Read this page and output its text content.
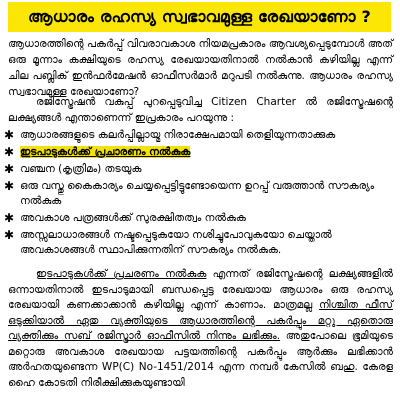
ആധാരം രഹസ്യ സ്വഭാവമുള്ള രേഖയാണോ ?

ആധാരത്തിന്റെ പകർപ്പ് വിവരാവകാശ നിയമപ്രകാരം ആവശ്യപ്പെടുമ്പോൾ അത് ഒരു മൂന്നാം കക്ഷിയുടെ രഹസ്യ രേഖയായതിനാൽ നൽകാൻ കഴിയില്ല എന്ന് ചില പബ്ലിക് ഇൻഫർമേഷൻ ഓഫീസർമാർ മറുപടി നൽകുന്നു. ആധാരം രഹസ്യ സ്വഭാവമുള്ള രേഖയാണോ?

രജിസ്ട്രേഷൻ വകുപ്പ് പുറപ്പെടുവിച്ച Citizen Charter ൽ രജിസ്ട്രേഷന്റെ ലക്ഷ്യങ്ങൾ എന്താണെന്ന് ഇപ്രകാരം പറയുന്നു :

✱ ആധാരങ്ങളുടെ കലർപ്പില്ലായ്മ നിരാക്ഷേപമായി തെളിയുന്നതാക്കുക
✱ ഇടപാടുകൾക്ക് പ്രചാരണം നൽകുക
✱ വഞ്ചന (കൃത്രിമം) തടയുക
✱ ഒരു വസ്തു കൈകാര്യം ചെയ്യപ്പെട്ടിട്ടുണ്ടോയെന്ന ഉറപ്പ് വരുത്താൻ സൗകര്യം നൽകുക
✱ അവകാശ പത്രങ്ങൾക്ക് സുരക്ഷിതത്വം നൽകുക
✱ അസ്സലാധാരങ്ങൾ നഷ്ടപ്പെടുകയോ നശിച്ചുപോവുകയോ ചെയ്താൽ അവകാശങ്ങൾ സ്ഥാപിക്കുന്നതിന് സൗകര്യം നൽകുക.

ഇടപാടുകൾക്ക് പ്രചരണം നൽകുക എന്നത് രജിസ്ട്രേഷന്റെ ലക്ഷ്യങ്ങളിൽ ഒന്നായതിനാൽ ഇടപാടുമായി ബന്ധപ്പെട്ട രേഖയായ ആധാരം ഒരു രഹസ്യ രേഖയായി കണക്കാക്കാൻ കഴിയില്ല എന്ന് കാണാം. മാത്രമല്ല നിശ്ചിത ഫീസ് ഒടുക്കിയാൽ ഏതു വ്യക്തിയുടെ ആധാരത്തിന്റെ പകർപ്പും മറ്റു ഏതൊരു വ്യക്തിക്കും സബ് രജിസ്ട്രാർ ഓഫീസിൽ നിന്നും ലഭിക്കും. അതുപോലെ ഭൂമിയുടെ മറ്റൊരു അവകാശ രേഖയായ പട്ടയത്തിന്റെ പകർപ്പും ആർക്കും ലഭിക്കാൻ അർഹതയുണ്ടെന്ന WP(C) No-1451/2014 എന്ന നമ്പർ കേസിൽ ബഹു. കേരള ഹൈ കോടതി നിരീക്ഷിക്കുകയുണ്ടായി
